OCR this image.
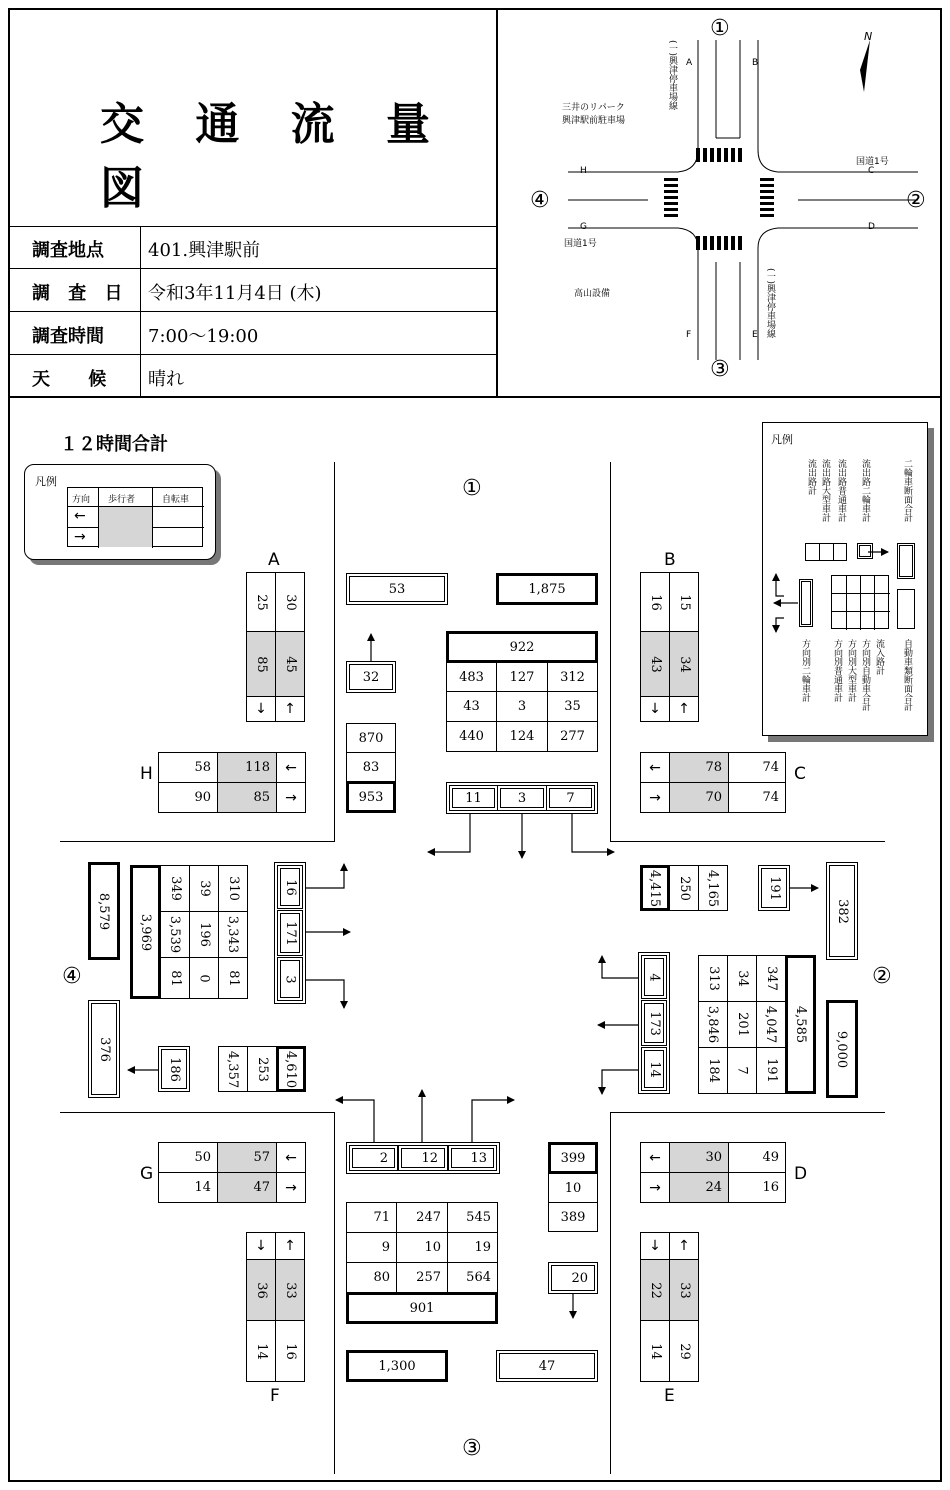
交 通 流 量 図
調査地点 401.興津駅前
調 査 日 令和3年11月4日 (木)
調査時間 7:00～19:00
天 候 晴れ
①
②
③
④
N
三井のリパーク
興津駅前駐車場
国道1号
国道1号
高山設備
(一)興津停車場線
(一)興津停車場線
A	B
C
D
E
F
G
H
１２時間合計
凡例
方向 歩行者	自転車
←
→
凡例
流出路計 流出路大型車計 流出路普通車計 流出路二輪車計	二輪車断面合計
方向別二輪車計 方向別普通車計 方向別大型車計 方向別自動車合計 流入路計 自動車類断面合計
①
②
③
④
A
25 30
85 45
↓	↑
B
16 15
43 34
↓	↑
H	58	118	←
90	85	→
C
←	78	74
→	70	74
G
50	57	←
14	47	→
D
←	30	49
→	24	16
F
↓	↑
36 33
14 16
E
↓	↑
22 33
14 29
53	1,875
32
870
83
953
922
483	127	312
43	3	35
440	124	277
11	3	7
4,415 250 4,165	191
382
9,000
313 34 347
3,846 201 4,047
184 7 191
4,585
4
173
14
2	12	13	399
10
389
71	247	545
9	10	19
80	257	564
901
20
1,300	47
8,579
376
3,969
349 39 310
3,539 196 3,343
81 0 81
16
171
3
186	4,357 253 4,610
